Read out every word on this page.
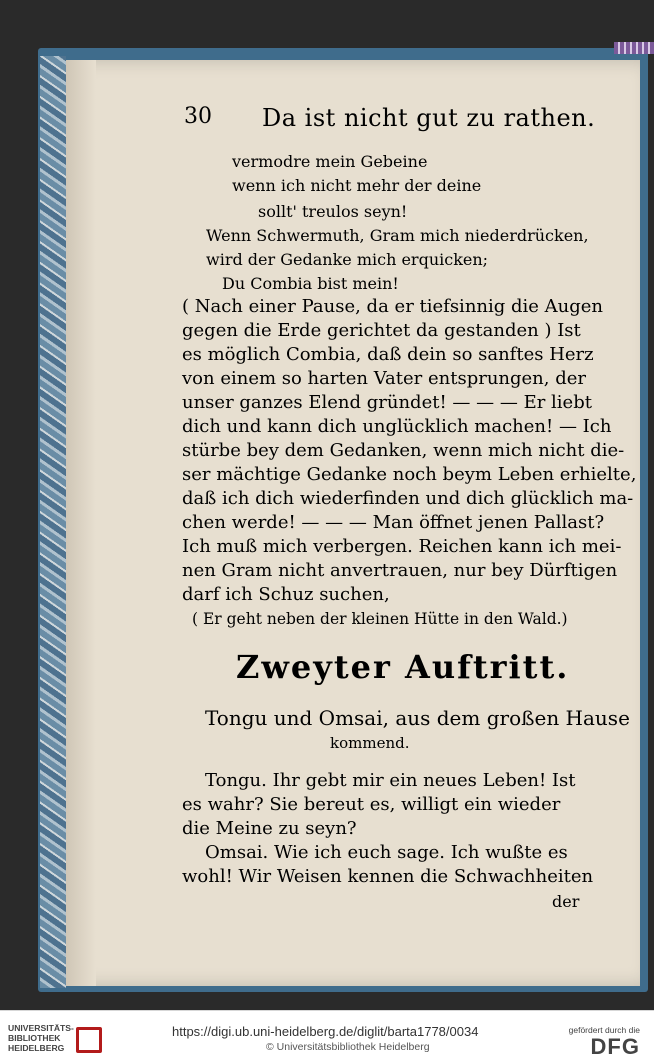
30 Da ist nicht gut zu rathen.
vermodre mein Gebeine
wenn ich nicht mehr der deine
sollt' treulos seyn!
Wenn Schwermuth, Gram mich niederdrücken,
wird der Gedanke mich erquicken;
Du Combia bist mein!
( Nach einer Pause, da er tiefsinnig die Augen
gegen die Erde gerichtet da gestanden ) Ist
es möglich Combia, daß dein so sanftes Herz
von einem so harten Vater entsprungen, der
unser ganzes Elend gründet! — — — Er liebt
dich und kann dich unglücklich machen! — Ich
stürbe bey dem Gedanken, wenn mich nicht die-
ser mächtige Gedanke noch beym Leben erhielte,
daß ich dich wiederfinden und dich glücklich ma-
chen werde! — — — Man öffnet jenen Pallast?
Ich muß mich verbergen. Reichen kann ich mei-
nen Gram nicht anvertrauen, nur bey Dürftigen
darf ich Schuz suchen,
( Er geht neben der kleinen Hütte in den Wald.)
Zweyter Auftritt.
Tongu und Omsai, aus dem großen Hause
kommend.
Tongu. Ihr gebt mir ein neues Leben! Ist
es wahr? Sie bereut es, willigt ein wieder
die Meine zu seyn?
Omsai. Wie ich euch sage. Ich wußte es
wohl! Wir Weisen kennen die Schwachheiten
der
UNIVERSITÄTS-
BIBLIOTHEK
HEIDELBERG
https://digi.ub.uni-heidelberg.de/diglit/barta1778/0034
© Universitätsbibliothek Heidelberg
gefördert durch die
DFG
